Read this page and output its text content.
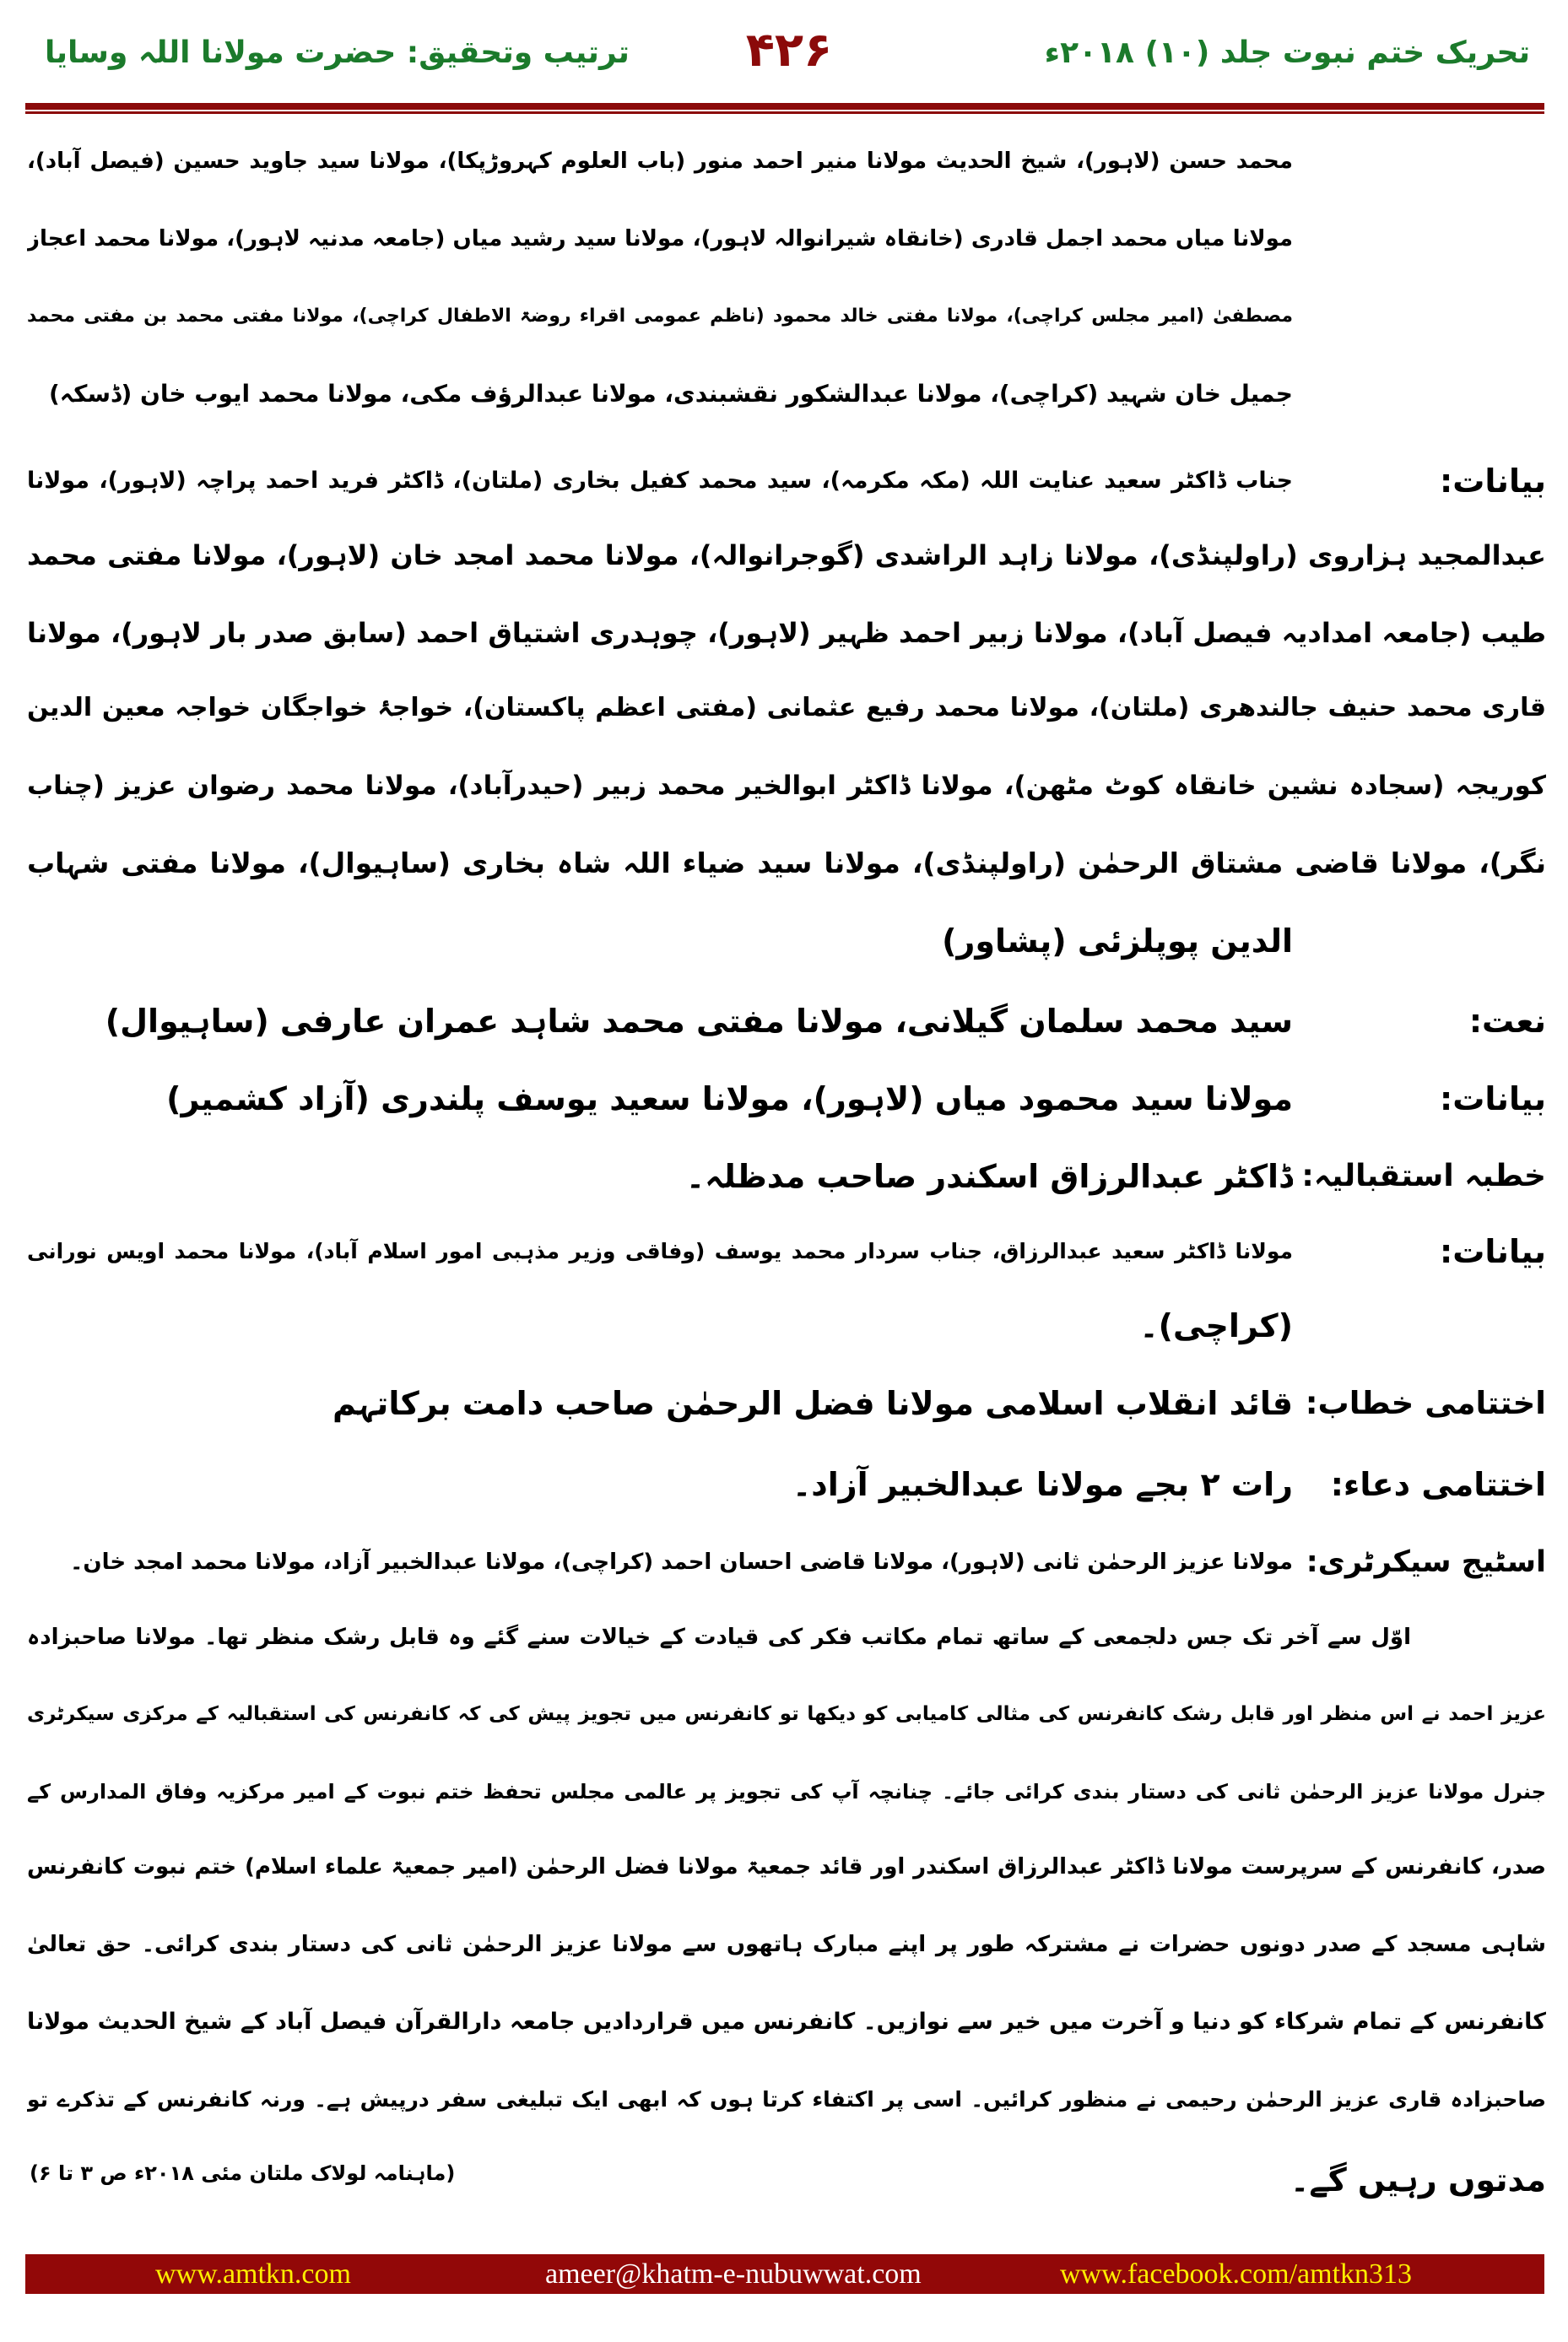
تحریک ختم نبوت جلد (۱۰) ۲۰۱۸ء
۴۲۶
ترتیب وتحقیق: حضرت مولانا اللہ وسایا
محمد حسن (لاہور)، شیخ الحدیث مولانا منیر احمد منور (باب العلوم کہروڑپکا)، مولانا سید جاوید حسین (فیصل آباد)،
مولانا میاں محمد اجمل قادری (خانقاہ شیرانوالہ لاہور)، مولانا سید رشید میاں (جامعہ مدنیہ لاہور)، مولانا محمد اعجاز
مصطفیٰ (امیر مجلس کراچی)، مولانا مفتی خالد محمود (ناظم عمومی اقراء روضۃ الاطفال کراچی)، مولانا مفتی محمد بن مفتی محمد
جمیل خان شہید (کراچی)، مولانا عبدالشکور نقشبندی، مولانا عبدالرؤف مکی، مولانا محمد ایوب خان (ڈسکہ)
بیانات:
جناب ڈاکٹر سعید عنایت اللہ (مکہ مکرمہ)، سید محمد کفیل بخاری (ملتان)، ڈاکٹر فرید احمد پراچہ (لاہور)، مولانا
عبدالمجید ہزاروی (راولپنڈی)، مولانا زاہد الراشدی (گوجرانوالہ)، مولانا محمد امجد خان (لاہور)، مولانا مفتی محمد
طیب (جامعہ امدادیہ فیصل آباد)، مولانا زبیر احمد ظہیر (لاہور)، چوہدری اشتیاق احمد (سابق صدر بار لاہور)، مولانا
قاری محمد حنیف جالندھری (ملتان)، مولانا محمد رفیع عثمانی (مفتی اعظم پاکستان)، خواجۂ خواجگان خواجہ معین الدین
کوریجہ (سجادہ نشین خانقاہ کوٹ مٹھن)، مولانا ڈاکٹر ابوالخیر محمد زبیر (حیدرآباد)، مولانا محمد رضوان عزیز (چناب
نگر)، مولانا قاضی مشتاق الرحمٰن (راولپنڈی)، مولانا سید ضیاء اللہ شاہ بخاری (ساہیوال)، مولانا مفتی شہاب
الدین پوپلزئی (پشاور)
نعت:
سید محمد سلمان گیلانی، مولانا مفتی محمد شاہد عمران عارفی (ساہیوال)
بیانات:
مولانا سید محمود میاں (لاہور)، مولانا سعید یوسف پلندری (آزاد کشمیر)
خطبہ استقبالیہ:
ڈاکٹر عبدالرزاق اسکندر صاحب مدظلہ۔
بیانات:
مولانا ڈاکٹر سعید عبدالرزاق، جناب سردار محمد یوسف (وفاقی وزیر مذہبی امور اسلام آباد)، مولانا محمد اویس نورانی
(کراچی)۔
اختتامی خطاب:
قائد انقلاب اسلامی مولانا فضل الرحمٰن صاحب دامت برکاتہم
اختتامی دعاء:
رات ۲ بجے مولانا عبدالخبیر آزاد۔
اسٹیج سیکرٹری:
مولانا عزیز الرحمٰن ثانی (لاہور)، مولانا قاضی احسان احمد (کراچی)، مولانا عبدالخبیر آزاد، مولانا محمد امجد خان۔
اوّل سے آخر تک جس دلجمعی کے ساتھ تمام مکاتب فکر کی قیادت کے خیالات سنے گئے وہ قابل رشک منظر تھا۔ مولانا صاحبزادہ
عزیز احمد نے اس منظر اور قابل رشک کانفرنس کی مثالی کامیابی کو دیکھا تو کانفرنس میں تجویز پیش کی کہ کانفرنس کی استقبالیہ کے مرکزی سیکرٹری
جنرل مولانا عزیز الرحمٰن ثانی کی دستار بندی کرائی جائے۔ چنانچہ آپ کی تجویز پر عالمی مجلس تحفظ ختم نبوت کے امیر مرکزیہ وفاق المدارس کے
صدر، کانفرنس کے سرپرست مولانا ڈاکٹر عبدالرزاق اسکندر اور قائد جمعیۃ مولانا فضل الرحمٰن (امیر جمعیۃ علماء اسلام) ختم نبوت کانفرنس
شاہی مسجد کے صدر دونوں حضرات نے مشترکہ طور پر اپنے مبارک ہاتھوں سے مولانا عزیز الرحمٰن ثانی کی دستار بندی کرائی۔ حق تعالیٰ
کانفرنس کے تمام شرکاء کو دنیا و آخرت میں خیر سے نوازیں۔ کانفرنس میں قراردادیں جامعہ دارالقرآن فیصل آباد کے شیخ الحدیث مولانا
صاحبزادہ قاری عزیز الرحمٰن رحیمی نے منظور کرائیں۔ اسی پر اکتفاء کرتا ہوں کہ ابھی ایک تبلیغی سفر درپیش ہے۔ ورنہ کانفرنس کے تذکرے تو
مدتوں رہیں گے۔
(ماہنامہ لولاک ملتان مئی ۲۰۱۸ء ص ۳ تا ۶)
www.amtkn.com	ameer@khatm-e-nubuwwat.com	www.facebook.com/amtkn313
